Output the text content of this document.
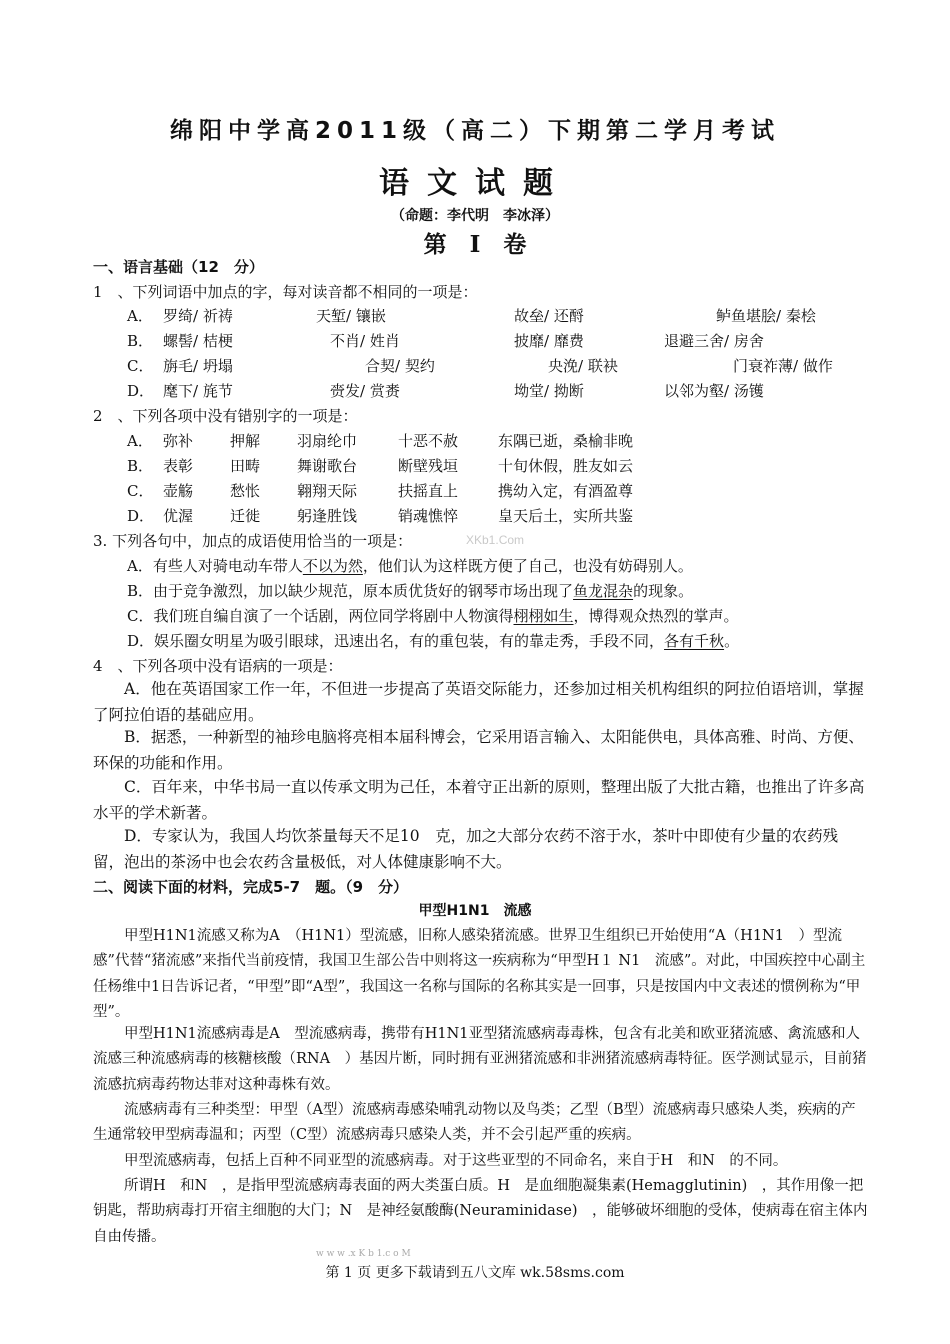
绵阳中学高2011级（高二）下期第二学月考试
语文试题
（命题：李代明　李冰泽）
第　Ⅰ　卷
一、语言基础（12　分）
1　、下列词语中加点的字，每对读音都不相同的一项是：
A． 罗绮/ 祈祷	天堑/ 镶嵌	故垒/ 还酹	鲈鱼堪脍/ 秦桧
B． 螺髻/ 桔梗	不肖/ 姓肖	披靡/ 靡费	退避三舍/ 房舍
C． 旃毛/ 坍塌	合契/ 契约	央浼/ 联袂	门衰祚薄/ 做作
D． 麾下/ 旄节	赍发/ 赏赉	坳堂/ 拗断	以邻为壑/ 汤镬
2　、下列各项中没有错别字的一项是：
A． 弥补 押解 羽扇纶巾	十恶不赦	东隅已逝，桑榆非晚
B． 表彰 田畴 舞谢歌台	断壁残垣	十旬休假，胜友如云
C． 壶觞 愁怅 翱翔天际	扶摇直上	携幼入定，有酒盈尊
D． 优渥 迁徙 躬逢胜饯	销魂憔悴	皇天后土，实所共鉴
3. 下列各句中，加点的成语使用恰当的一项是：	XKb1.Com
A．有些人对骑电动车带人不以为然，他们认为这样既方便了自己，也没有妨碍别人。
B．由于竞争激烈，加以缺少规范，原本质优货好的钢琴市场出现了鱼龙混杂的现象。
C．我们班自编自演了一个话剧，两位同学将剧中人物演得栩栩如生，博得观众热烈的掌声。
D．娱乐圈女明星为吸引眼球，迅速出名，有的重包装，有的靠走秀，手段不同，各有千秋。
4　、下列各项中没有语病的一项是：
A．他在英语国家工作一年，不但进一步提高了英语交际能力，还参加过相关机构组织的阿拉伯语培训，掌握了阿拉伯语的基础应用。
B．据悉，一种新型的袖珍电脑将亮相本届科博会，它采用语言输入、太阳能供电，具体高雅、时尚、方便、环保的功能和作用。
C．百年来，中华书局一直以传承文明为己任，本着守正出新的原则，整理出版了大批古籍，也推出了许多高水平的学术新著。
D．专家认为，我国人均饮茶量每天不足10　克，加之大部分农药不溶于水，茶叶中即使有少量的农药残留，泡出的茶汤中也会农药含量极低，对人体健康影响不大。
二、阅读下面的材料，完成5-7　题。（9　分）
甲型H1N1　流感
甲型H1N1流感又称为A　（H1N1）型流感，旧称人感染猪流感。世界卫生组织已开始使用“A（H1N1　）型流感”代替“猪流感”来指代当前疫情，我国卫生部公告中则将这一疾病称为“甲型H１ N1　流感”。对此，中国疾控中心副主任杨维中1日告诉记者，“甲型”即“A型”，我国这一名称与国际的名称其实是一回事，只是按国内中文表述的惯例称为“甲型”。
甲型H1N1流感病毒是A　型流感病毒，携带有H1N1亚型猪流感病毒毒株，包含有北美和欧亚猪流感、禽流感和人流感三种流感病毒的核糖核酸（RNA　）基因片断，同时拥有亚洲猪流感和非洲猪流感病毒特征。医学测试显示，目前猪流感抗病毒药物达菲对这种毒株有效。
流感病毒有三种类型：甲型（A型）流感病毒感染哺乳动物以及鸟类；乙型（B型）流感病毒只感染人类，疾病的产生通常较甲型病毒温和；丙型（C型）流感病毒只感染人类，并不会引起严重的疾病。
甲型流感病毒，包括上百种不同亚型的流感病毒。对于这些亚型的不同命名，来自于H　和N　的不同。
所谓H　和N　，是指甲型流感病毒表面的两大类蛋白质。H　是血细胞凝集素(Hemagglutinin)　，其作用像一把钥匙，帮助病毒打开宿主细胞的大门；N　是神经氨酸酶(Neuraminidase)　，能够破坏细胞的受体，使病毒在宿主体内自由传播。
w w w .x K b 1.c o M
第 1 页 更多下载请到五八文库 wk.58sms.com
